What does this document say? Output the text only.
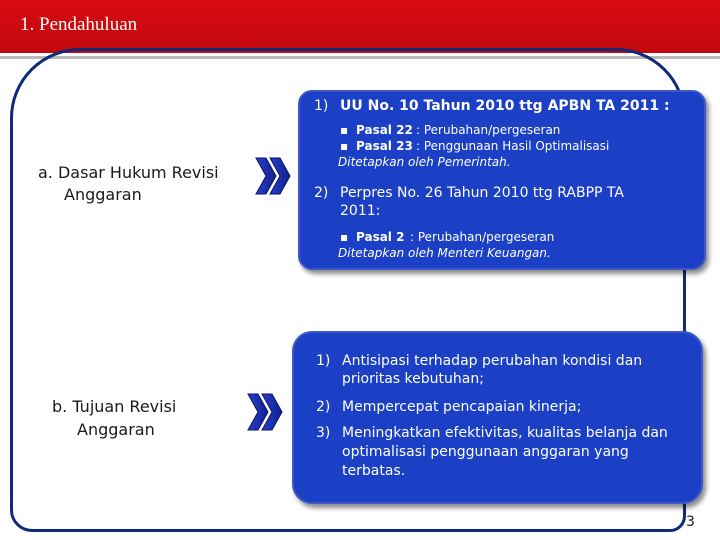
1. Pendahuluan
a. Dasar Hukum Revisi
Anggaran
1) UU No. 10 Tahun 2010 ttg APBN TA 2011 :
▪ Pasal 22 : Perubahan/pergeseran
▪ Pasal 23 : Penggunaan Hasil Optimalisasi
Ditetapkan oleh Pemerintah.
2) Perpres No. 26 Tahun 2010 ttg RABPP TA
2011:
▪ Pasal 2 : Perubahan/pergeseran
Ditetapkan oleh Menteri Keuangan.
b. Tujuan Revisi
Anggaran
1) Antisipasi terhadap perubahan kondisi dan
prioritas kebutuhan;
2) Mempercepat pencapaian kinerja;
3) Meningkatkan efektivitas, kualitas belanja dan
optimalisasi penggunaan anggaran yang
terbatas.
3
